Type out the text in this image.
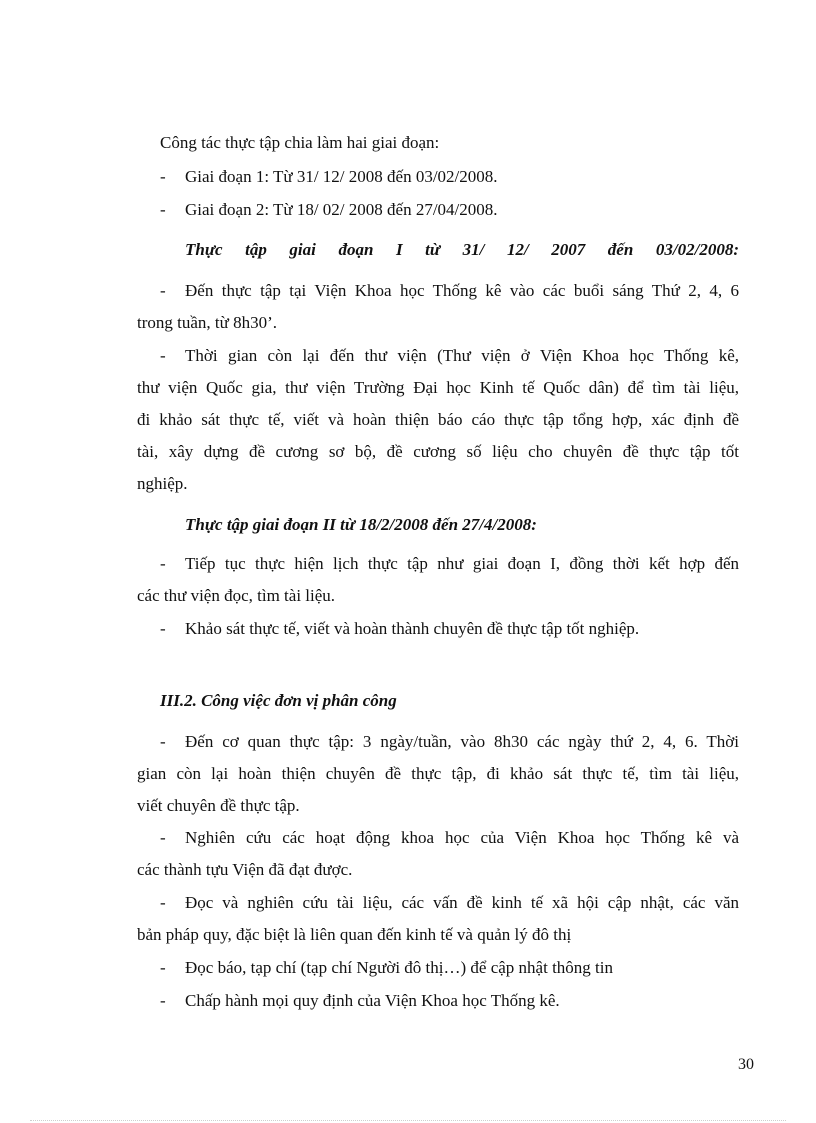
Công tác thực tập chia làm hai giai đoạn:
- Giai đoạn 1: Từ 31/ 12/ 2008 đến 03/02/2008.
- Giai đoạn 2: Từ 18/ 02/ 2008 đến 27/04/2008.
Thực tập giai đoạn I từ 31/ 12/ 2007 đến 03/02/2008:
- Đến thực tập tại Viện Khoa học Thống kê vào các buổi sáng Thứ 2, 4, 6
trong tuần, từ 8h30’.
- Thời gian còn lại đến thư viện (Thư viện ở Viện Khoa học Thống kê,
thư viện Quốc gia, thư viện Trường Đại học Kinh tế Quốc dân) để tìm tài liệu,
đi khảo sát thực tế, viết và hoàn thiện báo cáo thực tập tổng hợp, xác định đề
tài, xây dựng đề cương sơ bộ, đề cương số liệu cho chuyên đề thực tập tốt
nghiệp.
Thực tập giai đoạn II từ 18/2/2008 đến 27/4/2008:
- Tiếp tục thực hiện lịch thực tập như giai đoạn I, đồng thời kết hợp đến
các thư viện đọc, tìm tài liệu.
- Khảo sát thực tế, viết và hoàn thành chuyên đề thực tập tốt nghiệp.
III.2. Công việc đơn vị phân công
- Đến cơ quan thực tập: 3 ngày/tuần, vào 8h30 các ngày thứ 2, 4, 6. Thời
gian còn lại hoàn thiện chuyên đề thực tập, đi khảo sát thực tế, tìm tài liệu,
viết chuyên đề thực tập.
- Nghiên cứu các hoạt động khoa học của Viện Khoa học Thống kê và
các thành tựu Viện đã đạt được.
- Đọc và nghiên cứu tài liệu, các vấn đề kinh tế xã hội cập nhật, các văn
bản pháp quy, đặc biệt là liên quan đến kinh tế và quản lý đô thị
- Đọc báo, tạp chí (tạp chí Người đô thị…) để cập nhật thông tin
- Chấp hành mọi quy định của Viện Khoa học Thống kê.
30
